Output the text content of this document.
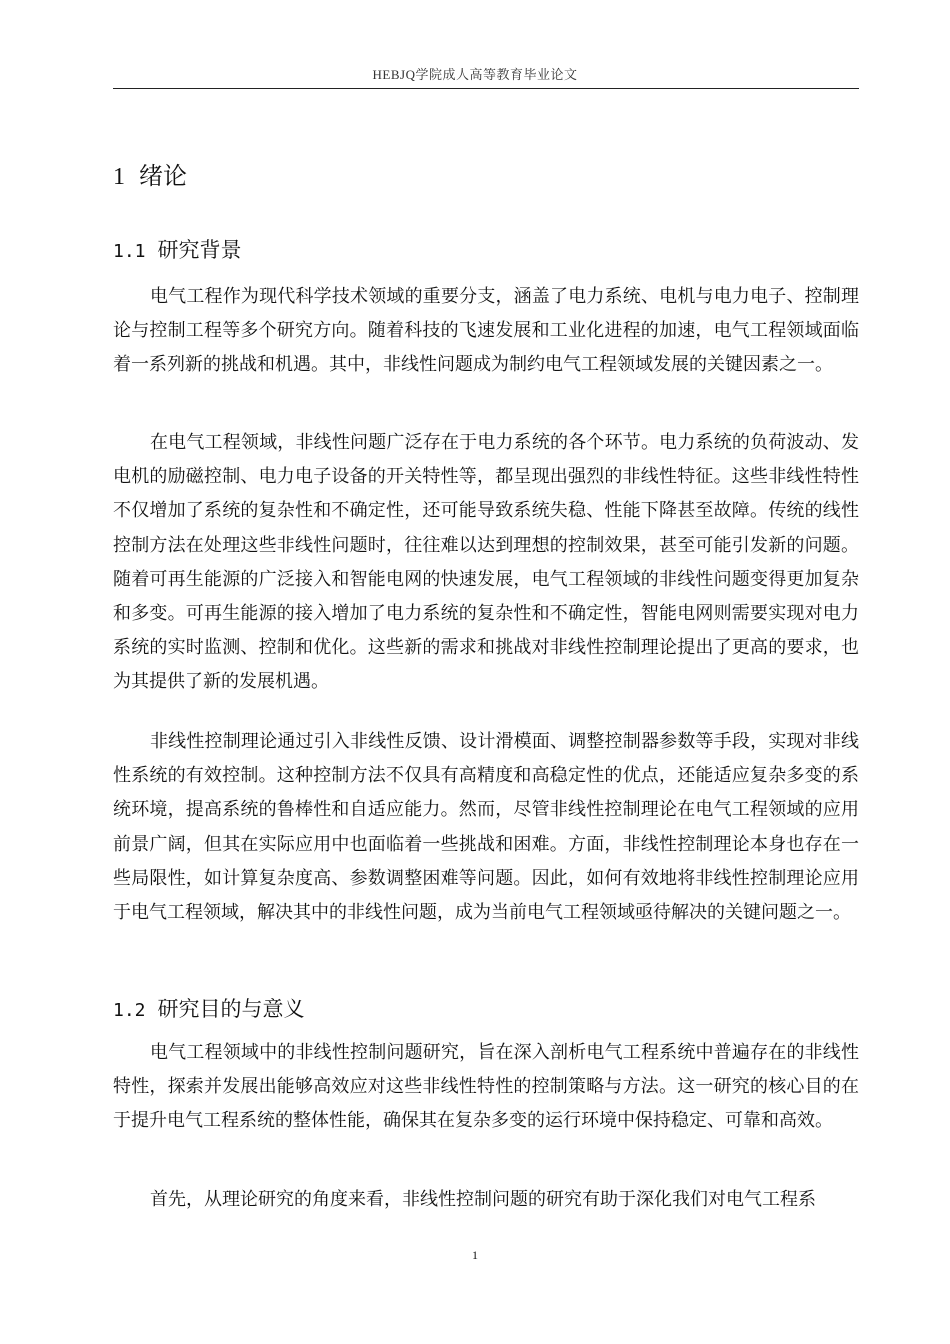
HEBJQ学院成人高等教育毕业论文
1 绪论
1.1 研究背景

电气工程作为现代科学技术领域的重要分支，涵盖了电力系统、电机与电力电子、控制理论与控制工程等多个研究方向。随着科技的飞速发展和工业化进程的加速，电气工程领域面临着一系列新的挑战和机遇。其中，非线性问题成为制约电气工程领域发展的关键因素之一。

在电气工程领域，非线性问题广泛存在于电力系统的各个环节。电力系统的负荷波动、发电机的励磁控制、电力电子设备的开关特性等，都呈现出强烈的非线性特征。这些非线性特性不仅增加了系统的复杂性和不确定性，还可能导致系统失稳、性能下降甚至故障。传统的线性控制方法在处理这些非线性问题时，往往难以达到理想的控制效果，甚至可能引发新的问题。随着可再生能源的广泛接入和智能电网的快速发展，电气工程领域的非线性问题变得更加复杂和多变。可再生能源的接入增加了电力系统的复杂性和不确定性，智能电网则需要实现对电力系统的实时监测、控制和优化。这些新的需求和挑战对非线性控制理论提出了更高的要求，也为其提供了新的发展机遇。

非线性控制理论通过引入非线性反馈、设计滑模面、调整控制器参数等手段，实现对非线性系统的有效控制。这种控制方法不仅具有高精度和高稳定性的优点，还能适应复杂多变的系统环境，提高系统的鲁棒性和自适应能力。然而，尽管非线性控制理论在电气工程领域的应用前景广阔，但其在实际应用中也面临着一些挑战和困难。方面，非线性控制理论本身也存在一些局限性，如计算复杂度高、参数调整困难等问题。因此，如何有效地将非线性控制理论应用于电气工程领域，解决其中的非线性问题，成为当前电气工程领域亟待解决的关键问题之一。

1.2 研究目的与意义

电气工程领域中的非线性控制问题研究，旨在深入剖析电气工程系统中普遍存在的非线性特性，探索并发展出能够高效应对这些非线性特性的控制策略与方法。这一研究的核心目的在于提升电气工程系统的整体性能，确保其在复杂多变的运行环境中保持稳定、可靠和高效。

首先，从理论研究的角度来看，非线性控制问题的研究有助于深化我们对电气工程系

1
